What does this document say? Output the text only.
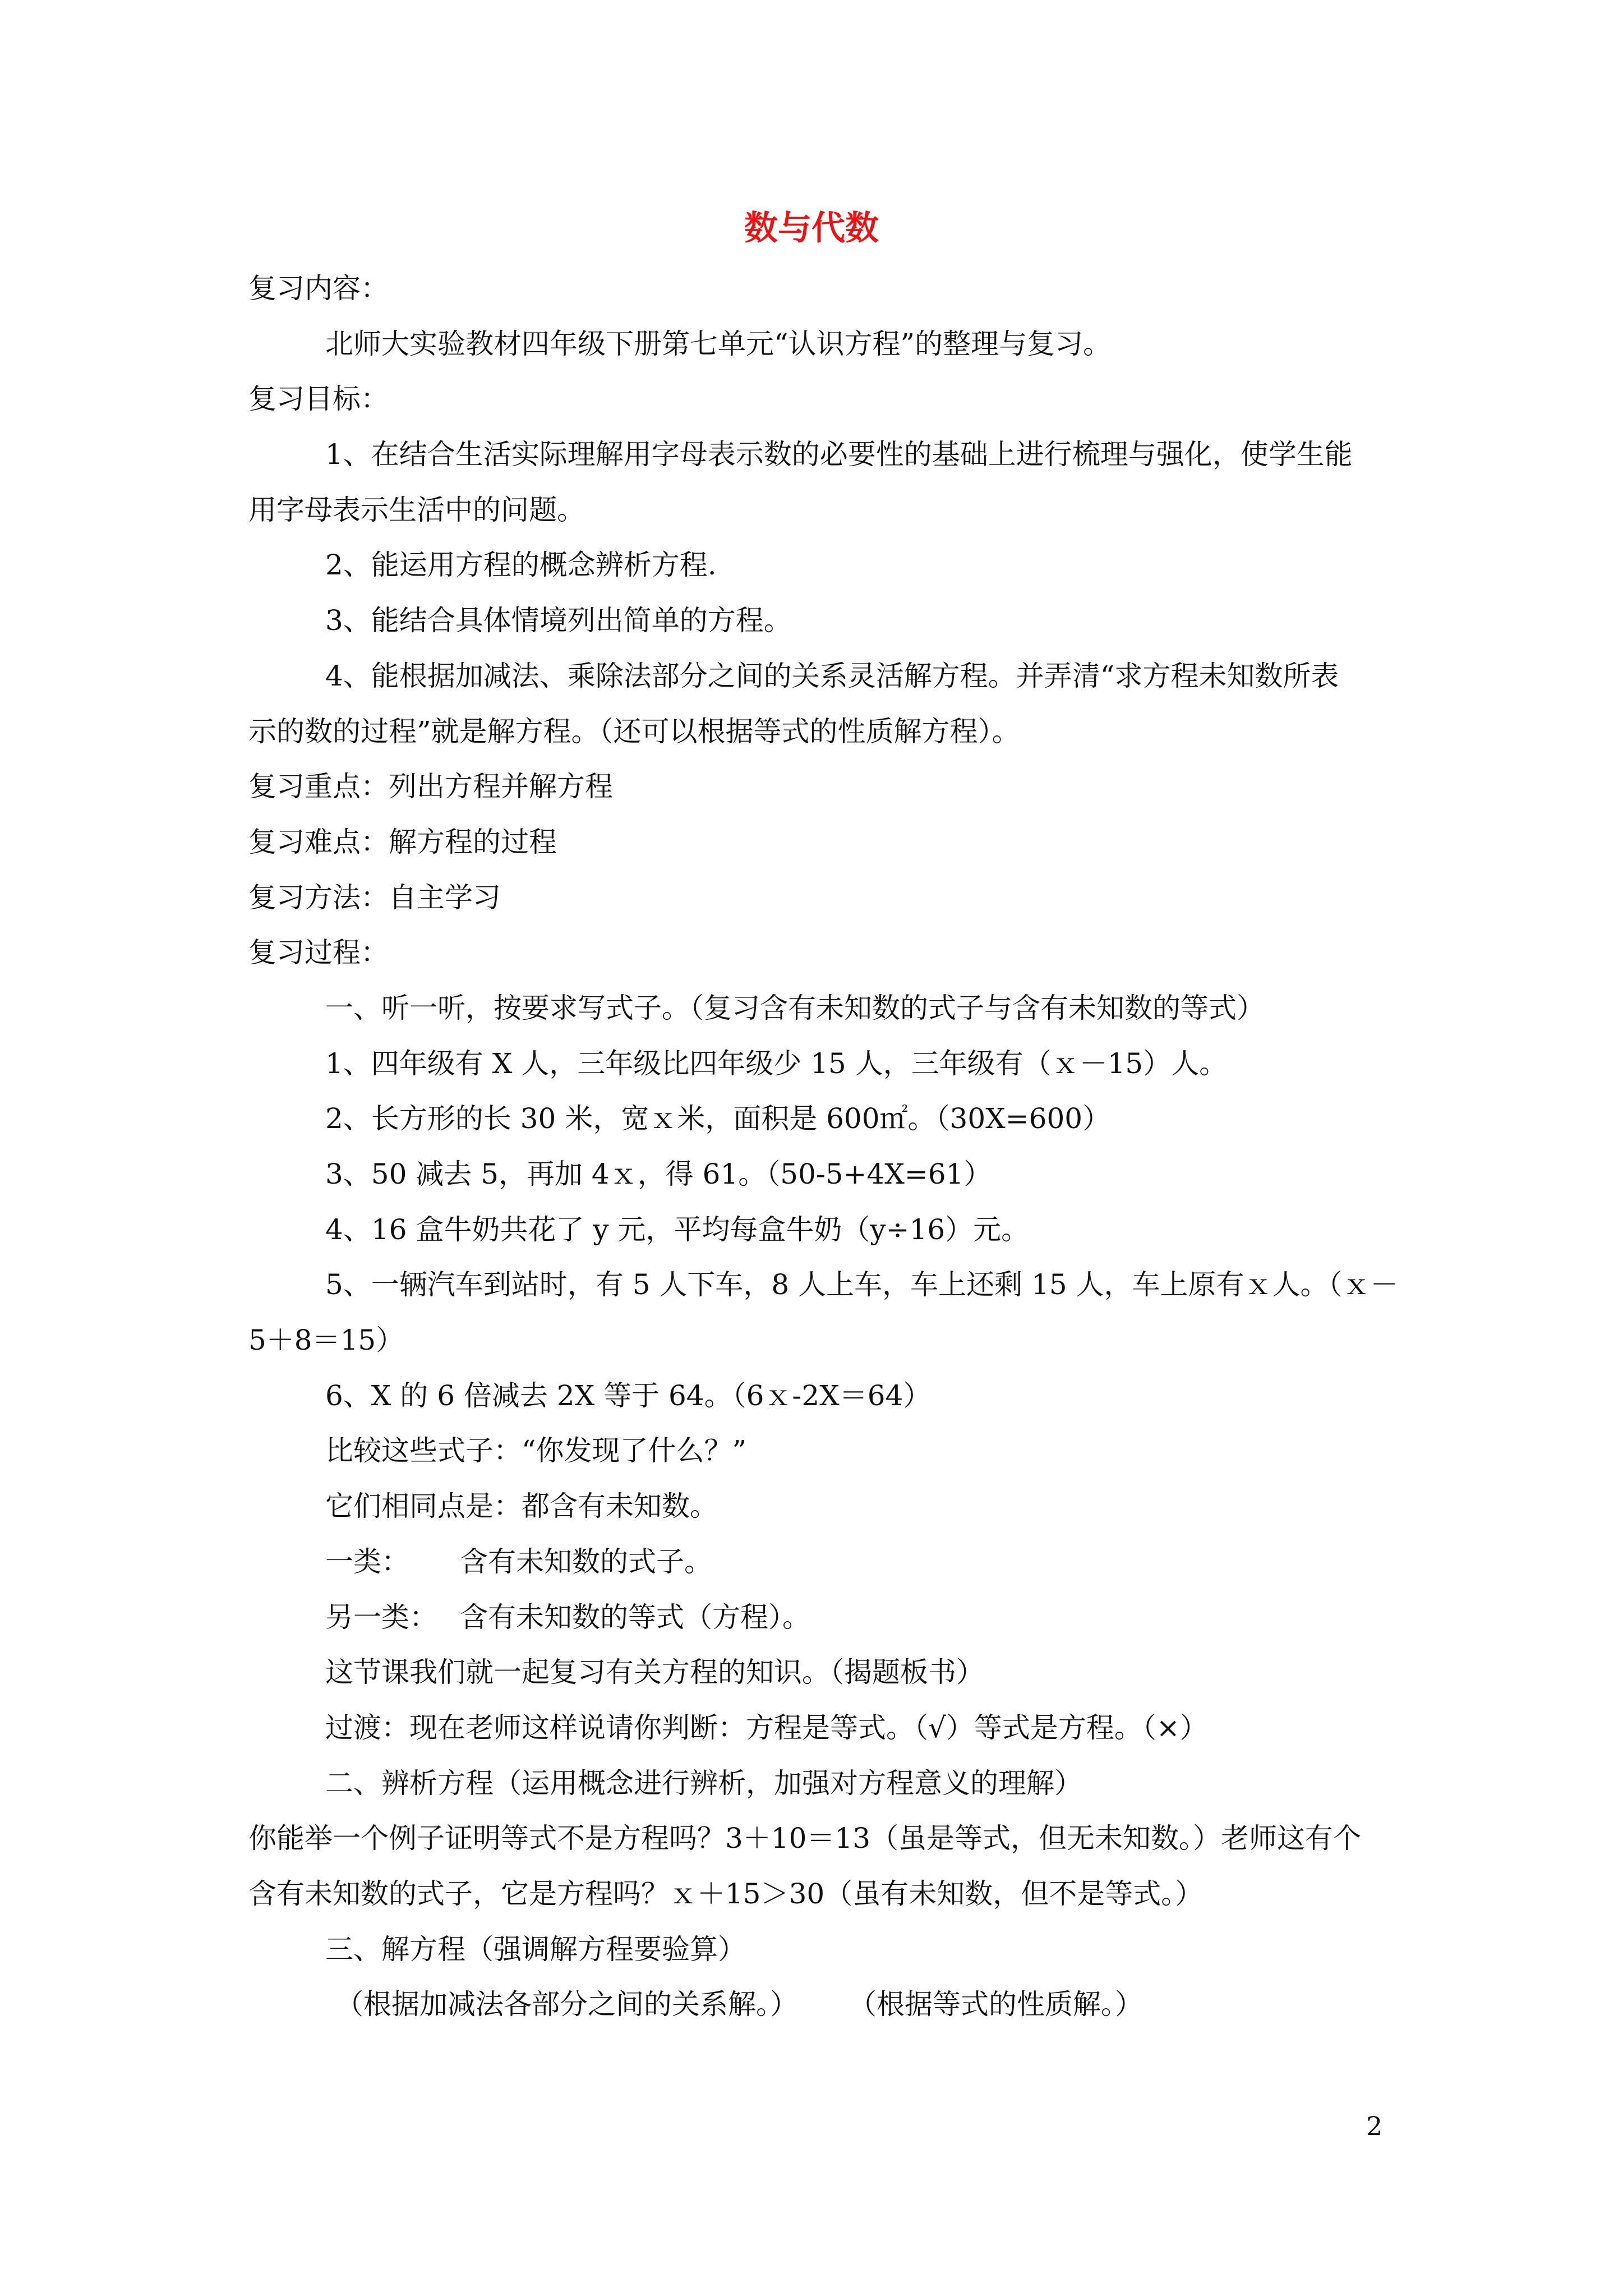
数与代数
复习内容：
北师大实验教材四年级下册第七单元“认识方程”的整理与复习。
复习目标：
1、在结合生活实际理解用字母表示数的必要性的基础上进行梳理与强化，使学生能
用字母表示生活中的问题。
2、能运用方程的概念辨析方程.
3、能结合具体情境列出简单的方程。
4、能根据加减法、乘除法部分之间的关系灵活解方程。并弄清“求方程未知数所表
示的数的过程”就是解方程。（还可以根据等式的性质解方程）。
复习重点：列出方程并解方程
复习难点：解方程的过程
复习方法：自主学习
复习过程：
一、听一听，按要求写式子。（复习含有未知数的式子与含有未知数的等式）
1、四年级有 X 人，三年级比四年级少 15 人，三年级有（ｘ－15）人。
2、长方形的长 30 米，宽ｘ米，面积是 600㎡。（30X=600）
3、50 减去 5，再加 4ｘ，得 61。（50-5+4X=61）
4、16 盒牛奶共花了 y 元，平均每盒牛奶（y÷16）元。
5、一辆汽车到站时，有 5 人下车，8 人上车，车上还剩 15 人，车上原有ｘ人。（ｘ－
5＋8＝15）
6、X 的 6 倍减去 2X 等于 64。（6ｘ-2X＝64）
比较这些式子：“你发现了什么？”
它们相同点是：都含有未知数。
一类： 含有未知数的式子。
另一类： 含有未知数的等式（方程）。
这节课我们就一起复习有关方程的知识。（揭题板书）
过渡：现在老师这样说请你判断：方程是等式。（√）等式是方程。（×）
二、辨析方程（运用概念进行辨析，加强对方程意义的理解）
你能举一个例子证明等式不是方程吗？3＋10＝13（虽是等式，但无未知数。）老师这有个
含有未知数的式子，它是方程吗？ｘ＋15＞30（虽有未知数，但不是等式。）
三、解方程（强调解方程要验算）
（根据加减法各部分之间的关系解。） （根据等式的性质解。）
2
